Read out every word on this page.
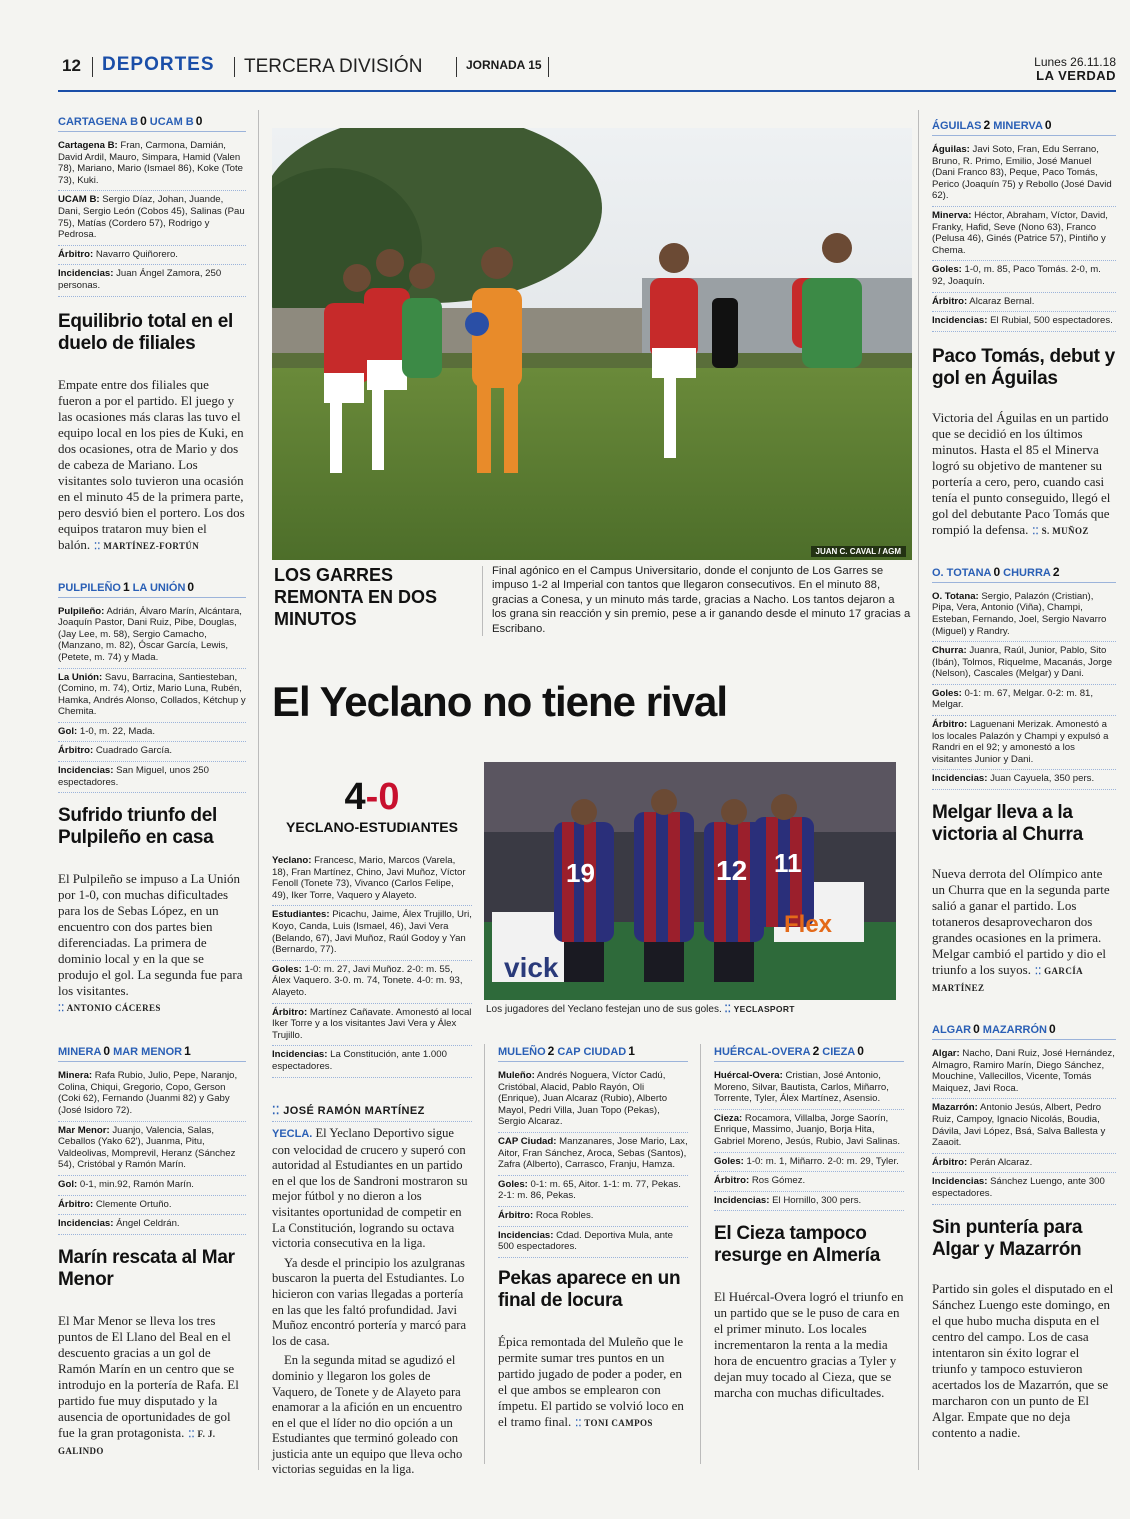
12 DEPORTES TERCERA DIVISIÓN	JORNADA 15	Lunes 26.11.18
LA VERDAD
CARTAGENA B 0 UCAM B 0
Cartagena B: Fran, Carmona, Damián, David Ardil, Mauro, Simpara, Hamid (Valen 78), Mariano, Mario (Ismael 86), Koke (Tote 73), Kuki.
UCAM B: Sergio Díaz, Johan, Juande, Dani, Sergio León (Cobos 45), Salinas (Pau 75), Matías (Cordero 57), Rodrigo y Pedrosa.
Árbitro: Navarro Quiñorero.
Incidencias: Juan Ángel Zamora, 250 personas.
Equilibrio total en el duelo de filiales
Empate entre dos filiales que fueron a por el partido. El juego y las ocasiones más claras las tuvo el equipo local en los pies de Kuki, en dos ocasiones, otra de Mario y dos de cabeza de Mariano. Los visitantes solo tuvieron una ocasión en el minuto 45 de la primera parte, pero desvió bien el portero. Los dos equipos trataron muy bien el balón. ⁚⁚ MARTÍNEZ-FORTÚN
PULPILEÑO 1 LA UNIÓN 0
Pulpileño: Adrián, Álvaro Marín, Alcántara, Joaquín Pastor, Dani Ruiz, Pibe, Douglas, (Jay Lee, m. 58), Sergio Camacho, (Manzano, m. 82), Óscar García, Lewis, (Petete, m. 74) y Mada.
La Unión: Savu, Barracina, Santiesteban, (Comino, m. 74), Ortiz, Mario Luna, Rubén, Hamka, Andrés Alonso, Collados, Kétchup y Chemita.
Gol: 1-0, m. 22, Mada.
Árbitro: Cuadrado García.
Incidencias: San Miguel, unos 250 espectadores.
Sufrido triunfo del Pulpileño en casa
El Pulpileño se impuso a La Unión por 1-0, con muchas dificultades para los de Sebas López, en un encuentro con dos partes bien diferenciadas. La primera de dominio local y en la que se produjo el gol. La segunda fue para los visitantes.
⁚⁚ ANTONIO CÁCERES
MINERA 0 MAR MENOR 1
Minera: Rafa Rubio, Julio, Pepe, Naranjo, Colina, Chiqui, Gregorio, Copo, Gerson (Coki 62), Fernando (Juanmi 82) y Gaby (José Isidoro 72).
Mar Menor: Juanjo, Valencia, Salas, Ceballos (Yako 62'), Juanma, Pitu, Valdeolivas, Momprevil, Heranz (Sánchez 54), Cristóbal y Ramón Marín.
Gol: 0-1, min.92, Ramón Marín.
Árbitro: Clemente Ortuño.
Incidencias: Ángel Celdrán.
Marín rescata al Mar Menor
El Mar Menor se lleva los tres puntos de El Llano del Beal en el descuento gracias a un gol de Ramón Marín en un centro que se introdujo en la portería de Rafa. El partido fue muy disputado y la ausencia de oportunidades de gol fue la gran protagonista. ⁚⁚ F. J. GALINDO
JUAN C. CAVAL / AGM
LOS GARRES REMONTA EN DOS MINUTOS
Final agónico en el Campus Universitario, donde el conjunto de Los Garres se impuso 1-2 al Imperial con tantos que llegaron consecutivos. En el minuto 88, gracias a Conesa, y un minuto más tarde, gracias a Nacho. Los tantos dejaron a los grana sin reacción y sin premio, pese a ir ganando desde el minuto 17 gracias a Escribano.
El Yeclano no tiene rival
4-0
YECLANO-ESTUDIANTES
Yeclano: Francesc, Mario, Marcos (Varela, 18), Fran Martínez, Chino, Javi Muñoz, Víctor Fenoll (Tonete 73), Vivanco (Carlos Felipe, 49), Iker Torre, Vaquero y Alayeto.
Estudiantes: Picachu, Jaime, Álex Trujillo, Uri, Koyo, Canda, Luis (Ismael, 46), Javi Vera (Belando, 67), Javi Muñoz, Raúl Godoy y Yan (Bernardo, 77).
Goles: 1-0: m. 27, Javi Muñoz. 2-0: m. 55, Álex Vaquero. 3-0. m. 74, Tonete. 4-0: m. 93, Alayeto.
Árbitro: Martínez Cañavate. Amonestó al local Iker Torre y a los visitantes Javi Vera y Álex Trujillo.
Incidencias: La Constitución, ante 1.000 espectadores.
vick
Flex
19	12 11
Los jugadores del Yeclano festejan uno de sus goles. ⁚⁚ YECLASPORT
⁚⁚ JOSÉ RAMÓN MARTÍNEZ

YECLA. El Yeclano Deportivo sigue con velocidad de crucero y superó con autoridad al Estudiantes en un partido en el que los de Sandroni mostraron su mejor fútbol y no dieron a los visitantes oportunidad de competir en La Constitución, logrando su octava victoria consecutiva en la liga.

Ya desde el principio los azulgranas buscaron la puerta del Estudiantes. Lo hicieron con varias llegadas a portería en las que les faltó profundidad. Javi Muñoz encontró portería y marcó para los de casa.

En la segunda mitad se agudizó el dominio y llegaron los goles de Vaquero, de Tonete y de Alayeto para enamorar a la afición en un encuentro en el que el líder no dio opción a un Estudiantes que terminó goleado con justicia ante un equipo que lleva ocho victorias seguidas en la liga.

MULEÑO 2 CAP CIUDAD 1
Muleño: Andrés Noguera, Víctor Cadú, Cristóbal, Alacid, Pablo Rayón, Oli (Enrique), Juan Alcaraz (Rubio), Alberto Mayol, Pedri Villa, Juan Topo (Pekas), Sergio Alcaraz.
CAP Ciudad: Manzanares, Jose Mario, Lax, Aitor, Fran Sánchez, Aroca, Sebas (Santos), Zafra (Alberto), Carrasco, Franju, Hamza.
Goles: 0-1: m. 65, Aitor. 1-1: m. 77, Pekas. 2-1: m. 86, Pekas.
Árbitro: Roca Robles.
Incidencias: Cdad. Deportiva Mula, ante 500 espectadores.
Pekas aparece en un final de locura
Épica remontada del Muleño que le permite sumar tres puntos en un partido jugado de poder a poder, en el que ambos se emplearon con ímpetu. El partido se volvió loco en el tramo final. ⁚⁚ TONI CAMPOS
HUÉRCAL-OVERA 2 CIEZA 0
Huércal-Overa: Cristian, José Antonio, Moreno, Silvar, Bautista, Carlos, Miñarro, Torrente, Tyler, Álex Martínez, Asensio.
Cieza: Rocamora, Villalba, Jorge Saorín, Enrique, Massimo, Juanjo, Borja Hita, Gabriel Moreno, Jesús, Rubio, Javi Salinas.
Goles: 1-0: m. 1, Miñarro. 2-0: m. 29, Tyler.
Árbitro: Ros Gómez.
Incidencias: El Hornillo, 300 pers.
El Cieza tampoco resurge en Almería
El Huércal-Overa logró el triunfo en un partido que se le puso de cara en el primer minuto. Los locales incrementaron la renta a la media hora de encuentro gracias a Tyler y dejan muy tocado al Cieza, que se marcha con muchas dificultades.
ÁGUILAS 2 MINERVA 0
Águilas: Javi Soto, Fran, Edu Serrano, Bruno, R. Primo, Emilio, José Manuel (Dani Franco 83), Peque, Paco Tomás, Perico (Joaquín 75) y Rebollo (José David 62).
Minerva: Héctor, Abraham, Víctor, David, Franky, Hafid, Seve (Nono 63), Franco (Pelusa 46), Ginés (Patrice 57), Pintiño y Chema.
Goles: 1-0, m. 85, Paco Tomás. 2-0, m. 92, Joaquín.
Árbitro: Alcaraz Bernal.
Incidencias: El Rubial, 500 espectadores.
Paco Tomás, debut y gol en Águilas
Victoria del Águilas en un partido que se decidió en los últimos minutos. Hasta el 85 el Minerva logró su objetivo de mantener su portería a cero, pero, cuando casi tenía el punto conseguido, llegó el gol del debutante Paco Tomás que rompió la defensa. ⁚⁚ S. MUÑOZ
O. TOTANA 0 CHURRA 2
O. Totana: Sergio, Palazón (Cristian), Pipa, Vera, Antonio (Viña), Champi, Esteban, Fernando, Joel, Sergio Navarro (Miguel) y Randry.
Churra: Juanra, Raúl, Junior, Pablo, Sito (Ibán), Tolmos, Riquelme, Macanás, Jorge (Nelson), Cascales (Melgar) y Dani.
Goles: 0-1: m. 67, Melgar. 0-2: m. 81, Melgar.
Árbitro: Laguenani Merizak. Amonestó a los locales Palazón y Champi y expulsó a Randri en el 92; y amonestó a los visitantes Junior y Dani.
Incidencias: Juan Cayuela, 350 pers.
Melgar lleva a la victoria al Churra
Nueva derrota del Olímpico ante un Churra que en la segunda parte salió a ganar el partido. Los totaneros desaprovecharon dos grandes ocasiones en la primera. Melgar cambió el partido y dio el triunfo a los suyos. ⁚⁚ GARCÍA MARTÍNEZ
ALGAR 0 MAZARRÓN 0
Algar: Nacho, Dani Ruiz, José Hernández, Almagro, Ramiro Marín, Diego Sánchez, Mouchine, Vallecillos, Vicente, Tomás Maiquez, Javi Roca.
Mazarrón: Antonio Jesús, Albert, Pedro Ruiz, Campoy, Ignacio Nicolás, Boudia, Dávila, Javi López, Bsá, Salva Ballesta y Zaaoit.
Árbitro: Perán Alcaraz.
Incidencias: Sánchez Luengo, ante 300 espectadores.
Sin puntería para Algar y Mazarrón
Partido sin goles el disputado en el Sánchez Luengo este domingo, en el que hubo mucha disputa en el centro del campo. Los de casa intentaron sin éxito lograr el triunfo y tampoco estuvieron acertados los de Mazarrón, que se marcharon con un punto de El Algar. Empate que no deja contento a nadie.
